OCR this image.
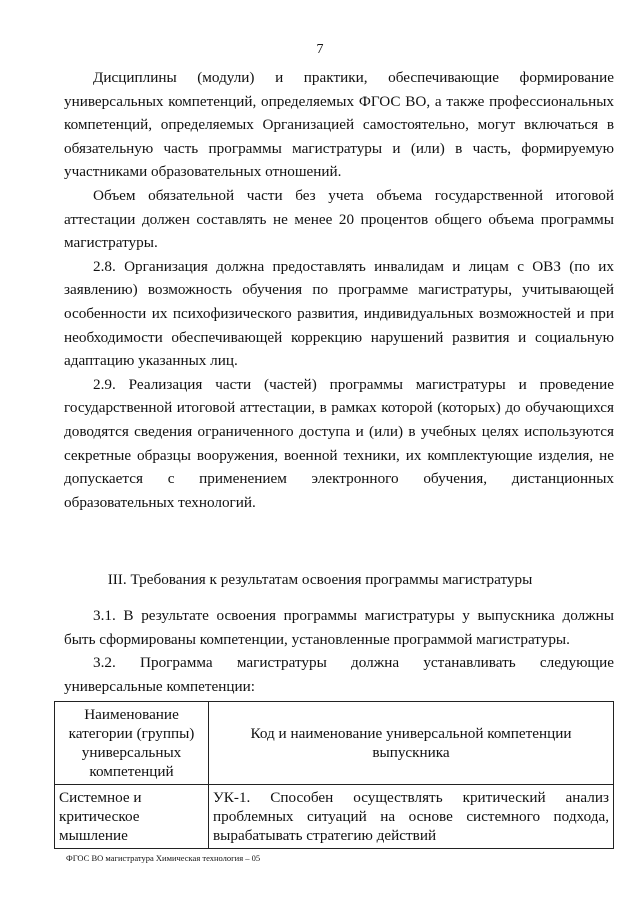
7

Дисциплины (модули) и практики, обеспечивающие формирование универсальных компетенций, определяемых ФГОС ВО, а также профессиональных компетенций, определяемых Организацией самостоятельно, могут включаться в обязательную часть программы магистратуры и (или) в часть, формируемую участниками образовательных отношений.

Объем обязательной части без учета объема государственной итоговой аттестации должен составлять не менее 20 процентов общего объема программы магистратуры.

2.8. Организация должна предоставлять инвалидам и лицам с ОВЗ (по их заявлению) возможность обучения по программе магистратуры, учитывающей особенности их психофизического развития, индивидуальных возможностей и при необходимости обеспечивающей коррекцию нарушений развития и социальную адаптацию указанных лиц.

2.9. Реализация части (частей) программы магистратуры и проведение государственной итоговой аттестации, в рамках которой (которых) до обучающихся доводятся сведения ограниченного доступа и (или) в учебных целях используются секретные образцы вооружения, военной техники, их комплектующие изделия, не допускается с применением электронного обучения, дистанционных образовательных технологий.

III. Требования к результатам освоения программы магистратуры

3.1. В результате освоения программы магистратуры у выпускника должны быть сформированы компетенции, установленные программой магистратуры.

3.2. Программа магистратуры должна устанавливать следующие универсальные компетенции:

Наименование категории (группы) универсальных компетенций	Код и наименование универсальной компетенции выпускника
Системное и критическое мышление	УК-1. Способен осуществлять критический анализ проблемных ситуаций на основе системного подхода, вырабатывать стратегию действий
ФГОС ВО магистратура Химическая технология – 05
